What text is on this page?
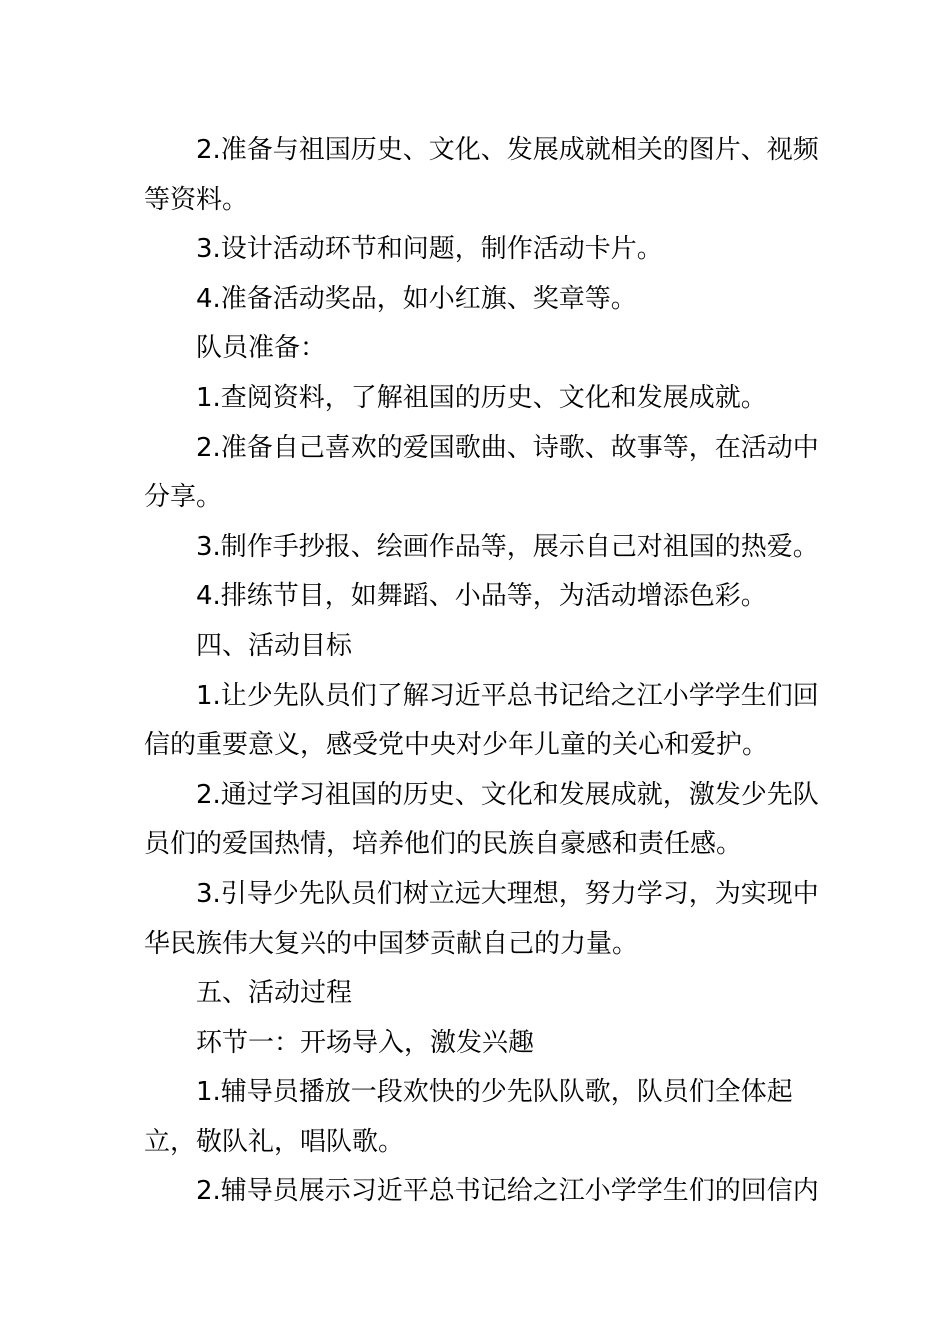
2.准备与祖国历史、文化、发展成就相关的图片、视频等资料。

3.设计活动环节和问题，制作活动卡片。

4.准备活动奖品，如小红旗、奖章等。

队员准备：

1.查阅资料，了解祖国的历史、文化和发展成就。

2.准备自己喜欢的爱国歌曲、诗歌、故事等，在活动中分享。

3.制作手抄报、绘画作品等，展示自己对祖国的热爱。

4.排练节目，如舞蹈、小品等，为活动增添色彩。

四、活动目标

1.让少先队员们了解习近平总书记给之江小学学生们回信的重要意义，感受党中央对少年儿童的关心和爱护。

2.通过学习祖国的历史、文化和发展成就，激发少先队员们的爱国热情，培养他们的民族自豪感和责任感。

3.引导少先队员们树立远大理想，努力学习，为实现中华民族伟大复兴的中国梦贡献自己的力量。

五、活动过程

环节一：开场导入，激发兴趣

1.辅导员播放一段欢快的少先队队歌，队员们全体起立，敬队礼，唱队歌。

2.辅导员展示习近平总书记给之江小学学生们的回信内
